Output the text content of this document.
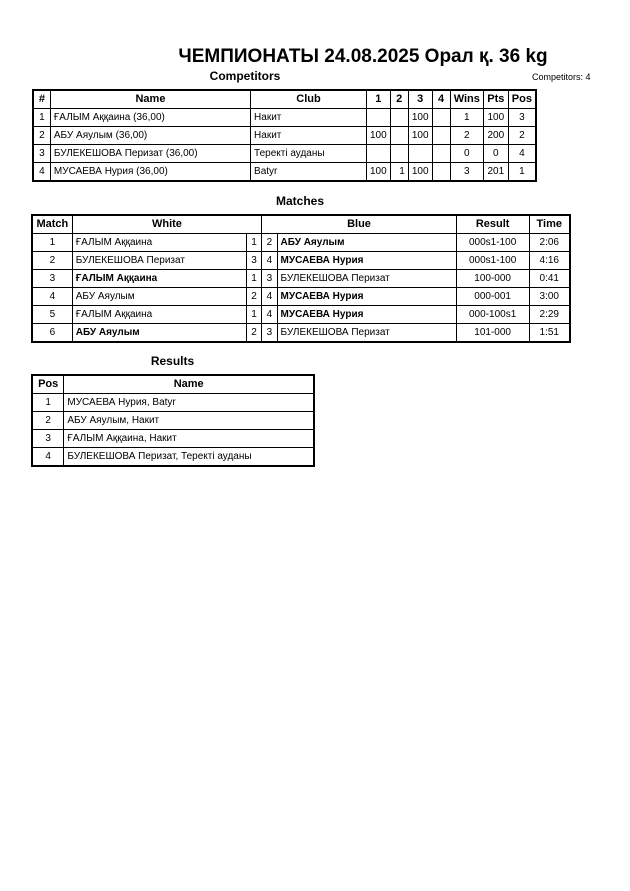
ЧЕМПИОНАТЫ 24.08.2025 Орал қ. 36 kg
Competitors	Competitors: 4
#	Name	Club	1	2	3	4	Wins	Pts	Pos
1	ҒАЛЫМ Аққаина (36,00)	Накит			100		1	100	3
2	АБУ Аяулым (36,00)	Накит	100		100		2	200	2
3	БУЛЕКЕШОВА Перизат (36,00)	Теректі ауданы					0	0	4
4	МУСАЕВА Нурия (36,00)	Batyr	100	1	100		3	201	1
Matches
Match	White		Blue		Result	Time
1	ҒАЛЫМ Аққаина	1	2	АБУ Аяулым	000s1-100	2:06
2	БУЛЕКЕШОВА Перизат	3	4	МУСАЕВА Нурия	000s1-100	4:16
3	ҒАЛЫМ Аққаина	1	3	БУЛЕКЕШОВА Перизат	100-000	0:41
4	АБУ Аяулым	2	4	МУСАЕВА Нурия	000-001	3:00
5	ҒАЛЫМ Аққаина	1	4	МУСАЕВА Нурия	000-100s1	2:29
6	АБУ Аяулым	2	3	БУЛЕКЕШОВА Перизат	101-000	1:51
Results
Pos	Name
1	МУСАЕВА Нурия, Batyr
2	АБУ Аяулым, Накит
3	ҒАЛЫМ Аққаина, Накит
4	БУЛЕКЕШОВА Перизат, Теректі ауданы
